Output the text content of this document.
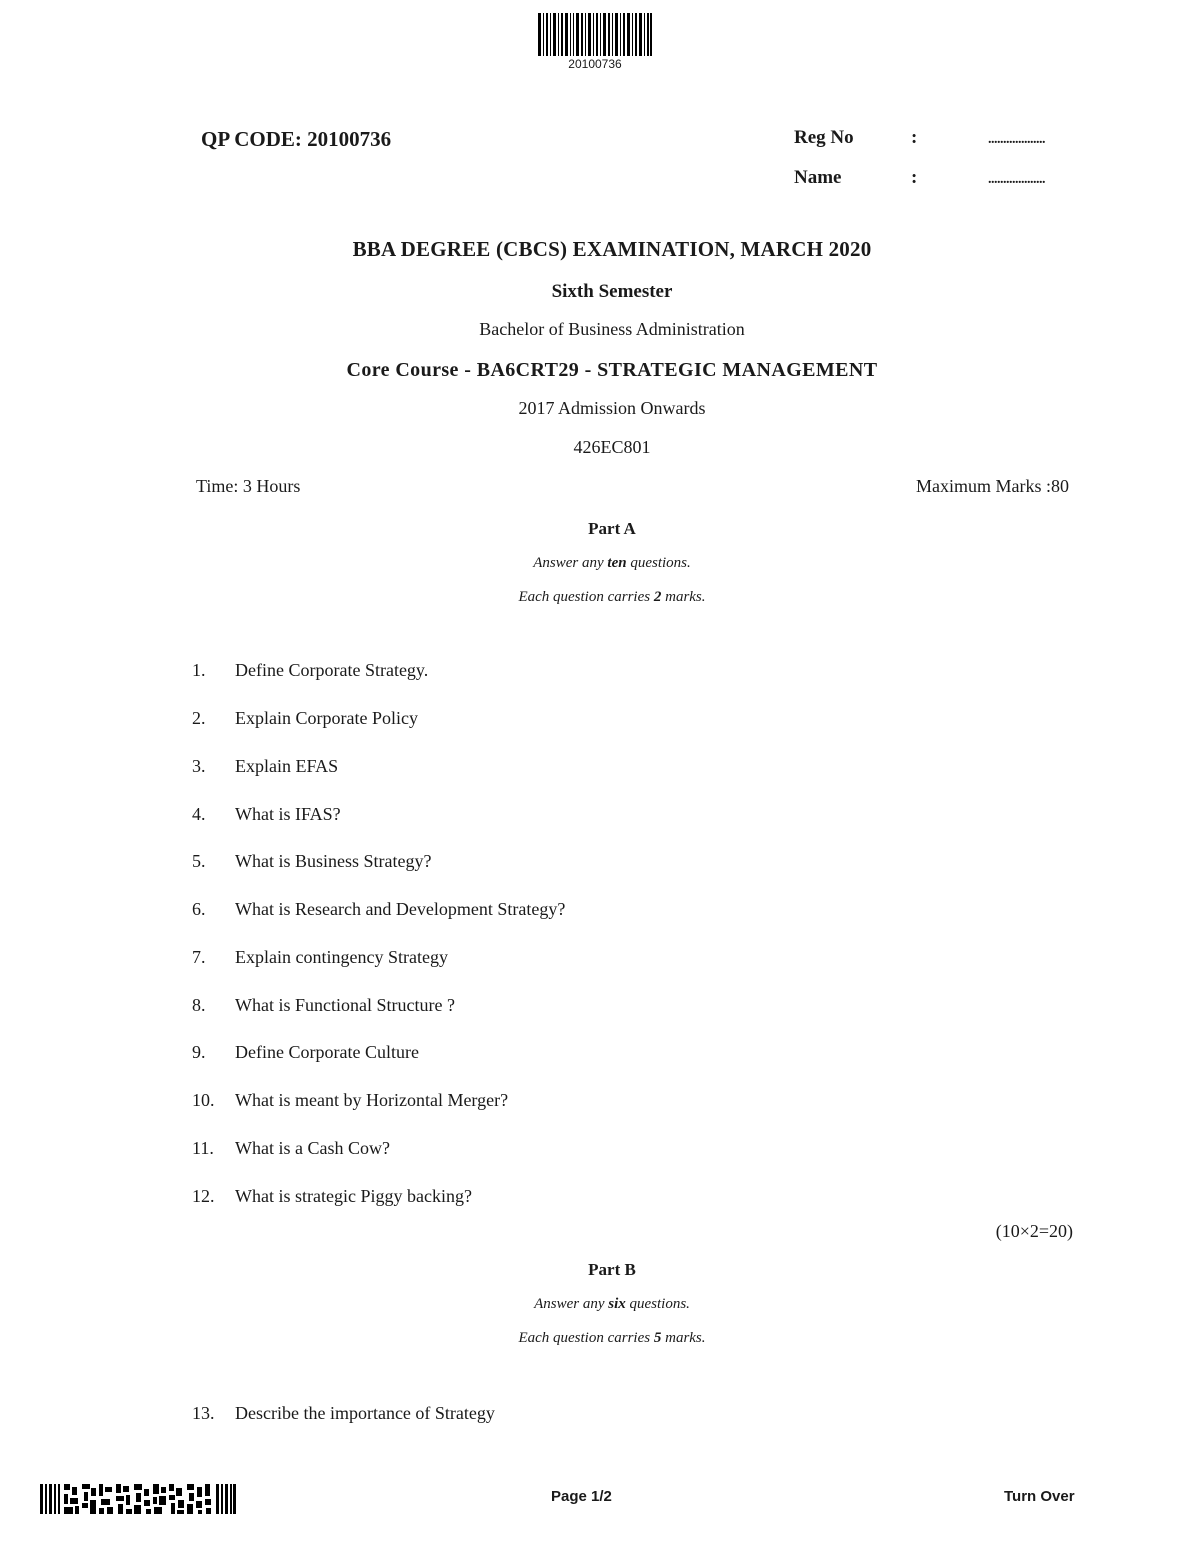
20100736
QP CODE: 20100736	Reg No	:	...................
Name	:	...................
BBA DEGREE (CBCS) EXAMINATION, MARCH 2020
Sixth Semester
Bachelor of Business Administration
Core Course - BA6CRT29 - STRATEGIC MANAGEMENT
2017 Admission Onwards
426EC801
Time: 3 Hours	Maximum Marks :80
Part A
Answer any ten questions.
Each question carries 2 marks.
1. Define Corporate Strategy.
2. Explain Corporate Policy
3. Explain EFAS
4. What is IFAS?
5. What is Business Strategy?
6. What is Research and Development Strategy?
7. Explain contingency Strategy
8. What is Functional Structure ?
9. Define Corporate Culture
10. What is meant by Horizontal Merger?
11. What is a Cash Cow?
12. What is strategic Piggy backing?
(10×2=20)
Part B
Answer any six questions.
Each question carries 5 marks.
13. Describe the importance of Strategy
Page 1/2	Turn Over
